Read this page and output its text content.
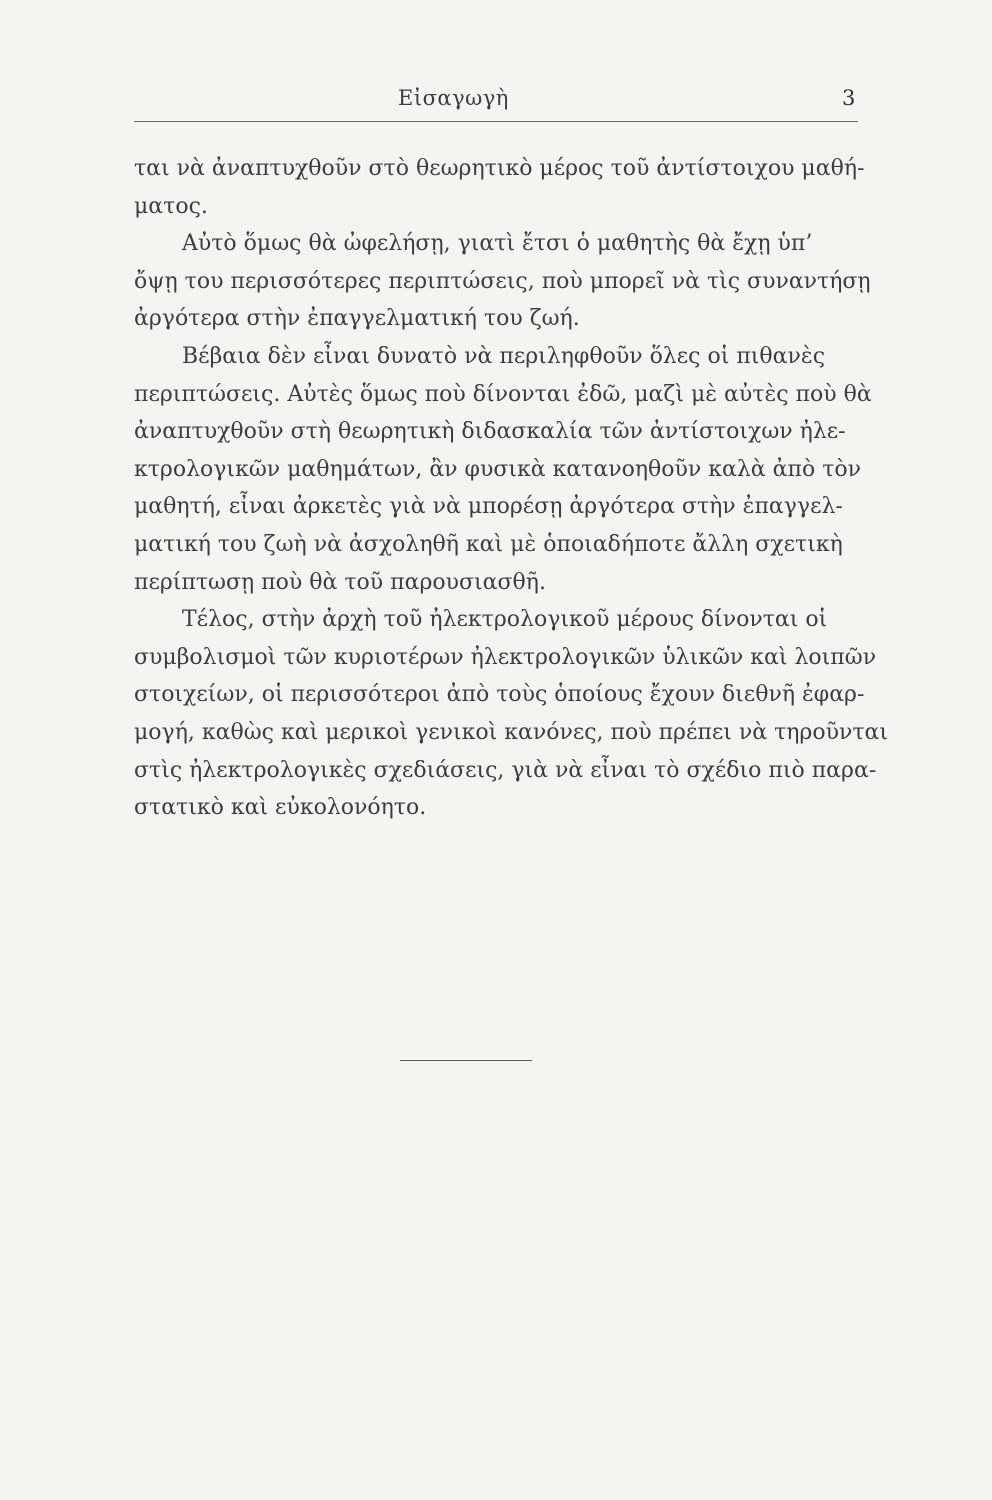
Εἰσαγωγὴ	3
ται νὰ ἀναπτυχθοῦν στὸ θεωρητικὸ μέρος τοῦ ἀντίστοιχου μαθή-
ματος.
Αὐτὸ ὅμως θὰ ὠφελήσῃ, γιατὶ ἔτσι ὁ μαθητὴς θὰ ἔχῃ ὑπ’
ὄψῃ του περισσότερες περιπτώσεις, ποὺ μπορεῖ νὰ τὶς συναντήσῃ
ἀργότερα στὴν ἐπαγγελματική του ζωή.
Βέβαια δὲν εἶναι δυνατὸ νὰ περιληφθοῦν ὅλες οἱ πιθανὲς
περιπτώσεις. Αὐτὲς ὅμως ποὺ δίνονται ἐδῶ, μαζὶ μὲ αὐτὲς ποὺ θὰ
ἀναπτυχθοῦν στὴ θεωρητικὴ διδασκαλία τῶν ἀντίστοιχων ἠλε-
κτρολογικῶν μαθημάτων, ἂν φυσικὰ κατανοηθοῦν καλὰ ἀπὸ τὸν
μαθητή, εἶναι ἀρκετὲς γιὰ νὰ μπορέσῃ ἀργότερα στὴν ἐπαγγελ-
ματική του ζωὴ νὰ ἀσχοληθῆ καὶ μὲ ὁποιαδήποτε ἄλλη σχετικὴ
περίπτωσῃ ποὺ θὰ τοῦ παρουσιασθῆ.
Τέλος, στὴν ἀρχὴ τοῦ ἠλεκτρολογικοῦ μέρους δίνονται οἱ
συμβολισμοὶ τῶν κυριοτέρων ἠλεκτρολογικῶν ὑλικῶν καὶ λοιπῶν
στοιχείων, οἱ περισσότεροι ἀπὸ τοὺς ὁποίους ἔχουν διεθνῆ ἐφαρ-
μογή, καθὼς καὶ μερικοὶ γενικοὶ κανόνες, ποὺ πρέπει νὰ τηροῦνται
στὶς ἠλεκτρολογικὲς σχεδιάσεις, γιὰ νὰ εἶναι τὸ σχέδιο πιὸ παρα-
στατικὸ καὶ εὐκολονόητο.
